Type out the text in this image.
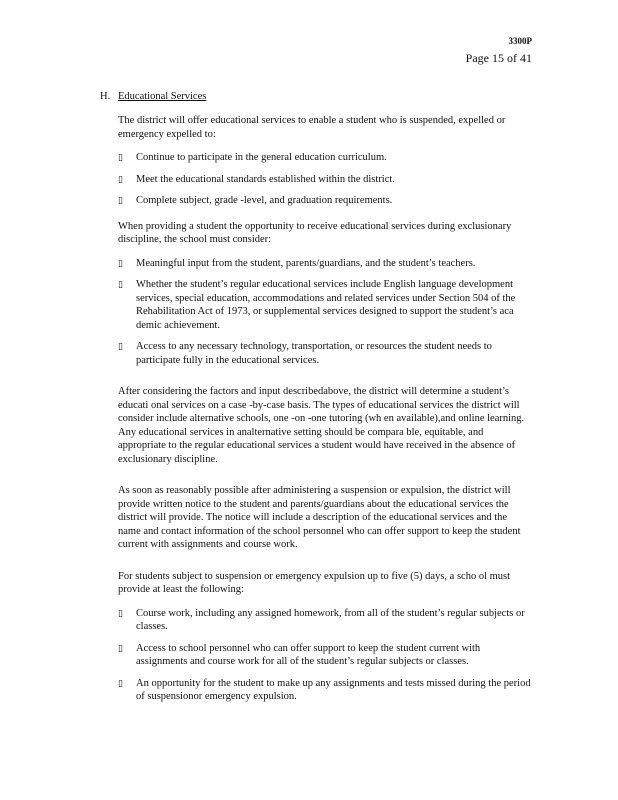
3300P
Page 15 of 41
H. Educational Services

The district will offer educational services to enable a student who is suspended, expelled or emergency expelled to:

▯ Continue to participate in the general education curriculum.
▯ Meet the educational standards established within the district.
▯ Complete subject, grade -level, and graduation requirements.

When providing a student the opportunity to receive educational services during exclusionary discipline, the school must consider:

▯ Meaningful input from the student, parents/guardians, and the student’s teachers.
▯ Whether the student’s regular educational services include English language development services, special education, accommodations and related services under Section 504 of the Rehabilitation Act of 1973, or supplemental services designed to support the student’s aca demic achievement.
▯ Access to any necessary technology, transportation, or resources the student needs to participate fully in the educational services.

After considering the factors and input describedabove, the district will determine a student’s educati onal services on a case -by-case basis. The types of educational services the district will consider include alternative schools, one -on -one tutoring (wh en available),and online learning. Any educational services in analternative setting should be compara ble, equitable, and appropriate to the regular educational services a student would have received in the absence of exclusionary discipline.

As soon as reasonably possible after administering a suspension or expulsion, the district will provide written notice to the student and parents/guardians about the educational services the district will provide. The notice will include a description of the educational services and the name and contact information of the school personnel who can offer support to keep the student current with assignments and course work.

For students subject to suspension or emergency expulsion up to five (5) days, a scho ol must provide at least the following:

▯ Course work, including any assigned homework, from all of the student’s regular subjects or classes.
▯ Access to school personnel who can offer support to keep the student current with assignments and course work for all of the student’s regular subjects or classes.
▯ An opportunity for the student to make up any assignments and tests missed during the period of suspensionor emergency expulsion.
